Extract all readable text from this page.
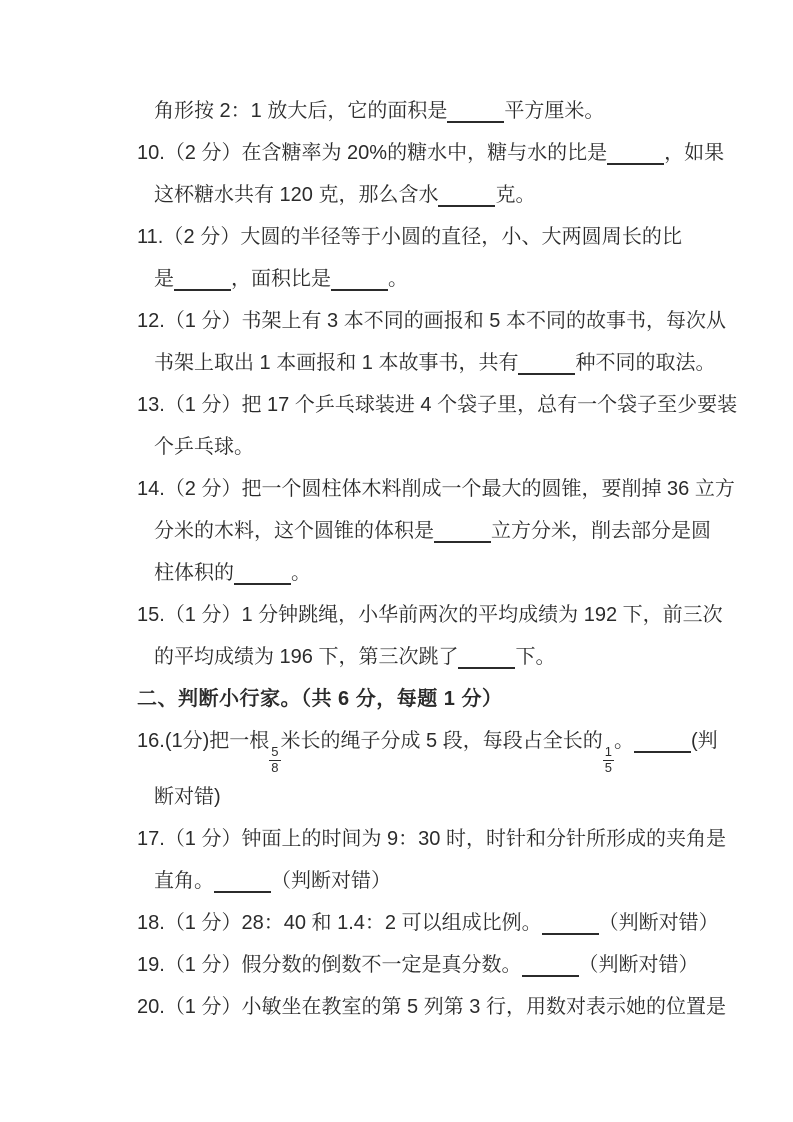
角形按 2：1 放大后，它的面积是	平方厘米。
10.（2 分）在含糖率为 20%的糖水中，糖与水的比是	，如果
这杯糖水共有 120 克，那么含水	克。
11.（2 分）大圆的半径等于小圆的直径，小、大两圆周长的比
是	，面积比是	。
12.（1 分）书架上有 3 本不同的画报和 5 本不同的故事书，每次从
书架上取出 1 本画报和 1 本故事书，共有	种不同的取法。
13.（1 分）把 17 个乒乓球装进 4 个袋子里，总有一个袋子至少要装
个乒乓球。
14.（2 分）把一个圆柱体木料削成一个最大的圆锥，要削掉 36 立方
分米的木料，这个圆锥的体积是	立方分米，削去部分是圆
柱体积的	。
15.（1 分）1 分钟跳绳，小华前两次的平均成绩为 192 下，前三次
的平均成绩为 196 下，第三次跳了	下。
二、判断小行家。（共 6 分，每题 1 分）
16.(1分)把一根
$\frac{5}{8}$
米长的绳子分成 5 段，每段占全长的
$\frac{1}{5}$
。	(判
断对错)
17.（1 分）钟面上的时间为 9：30 时，时针和分针所形成的夹角是
直角。	（判断对错）
18.（1 分）28：40 和 1.4：2 可以组成比例。	（判断对错）
19.（1 分）假分数的倒数不一定是真分数。	（判断对错）
20.（1 分）小敏坐在教室的第 5 列第 3 行，用数对表示她的位置是
